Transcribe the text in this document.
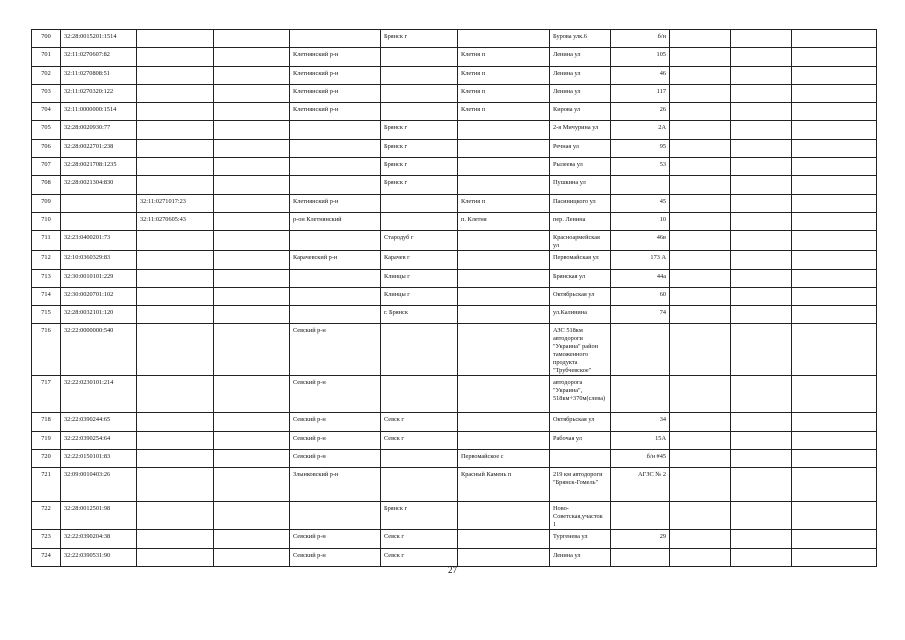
700	32:28:0015201:1514				Брянск г		Бурова улк.6	б/н			
701	32:11:0270607:82			Клетнянский р-н		Клетня п	Ленина ул	105			
702	32:11:0270808:51			Клетнянский р-н		Клетня п	Ленина ул	46			
703	32:11:0270320:122			Клетнянский р-н		Клетня п	Ленина ул	117			
704	32:11:0000000:1514			Клетнянский р-н		Клетня п	Кирова ул	26			
705	32:28:0020930:77				Брянск г		2-я Мичурина ул	2А			
706	32:28:0022701:238				Брянск г		Речная ул	95			
707	32:28:0021708:1235				Брянск г		Рылеева ул	53			
708	32:28:0021304:830				Брянск г		Пушкина ул				
709		32:11:0271017:23		Клетнянский р-н		Клетня п	Пасиницкого ул	45			
710		32:11:0270605:43		р-он Клетнянский		п. Клетня	пер. Ленина	10			
711	32:23:0400201:73				Стародуб г		Красноармейская ул	46в			
712	32:10:0360329:83			Карачевский р-н	Карачев г		Первомайская ул	173 А			
713	32:30:0010101:229				Клинцы г		Брянская ул	44а			
714	32:30:0020701:102				Клинцы г		Октябрьская ул	60			
715	32:28:0032101:120				г. Брянск		ул.Калинина	74			
716	32:22:0000000:540			Севский р-н			АЗС 518км автодороги "Украина" район таможенного продукта "Трубчевское"				
717	32:22:0230101:214			Севский р-н			автодорога "Украина", 518км+370м(слева)				
718	32:22:0390244:65			Севский р-н	Севск г		Октябрьская ул	34			
719	32:22:0390254:64			Севский р-н	Севск г		Рабочая ул	15А			
720	32:22:0150101:83			Севский р-н		Первомайское с		б/н #45			
721	32:09:0010403:26			Злынковский р-н		Красный Камень п	219 км автодороги "Брянск-Гомель"	АГЗС № 2			
722	32:28:0012501:98				Брянск г		Ново-Советская,участок 1				
723	32:22:0390204:38			Севский р-н	Севск г		Тургенева ул	29			
724	32:22:0390531:90			Севский р-н	Севск г		Ленина ул				
27
